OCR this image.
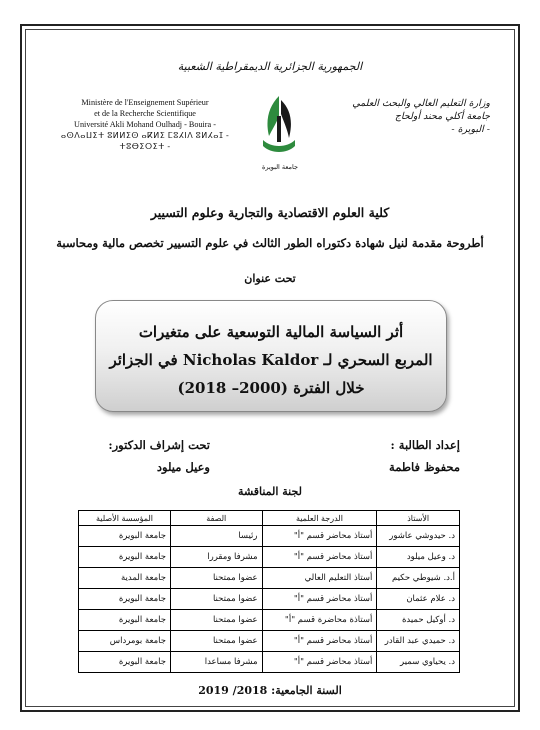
الجمهورية الجزائرية الديمقراطية الشعبية
Ministère de l'Enseignement Supérieur
et de la Recherche Scientifique
Université Akli Mohand Oulhadj - Bouira -
ⴰⵙⴷⴰⵡⵉⵜ ⵓⵍⵍⵉⵙ ⴰⴽⵍⵉ ⵎⵓⵃⵏⴷ ⵓⵍⵃⴰⵊ - ⵜⵓⴱⵉⵔⵉⵜ -
جامعة البويرة
وزارة التعليم العالي والبحث العلمي
جامعة أكلي محند أولحاج
- البويرة -
كلية العلوم الاقتصادية والتجارية وعلوم التسيير
أطروحة مقدمة لنيل شهادة دكتوراه الطور الثالث في علوم التسيير تخصص مالية ومحاسبة
تحت عنوان
أثر السياسة المالية التوسعية على متغيرات
المربع السحري لـ Nicholas Kaldor في الجزائر
خلال الفترة (2000– 2018)
إعداد الطالبة :
محفوظ فاطمة
تحت إشراف الدكتور:
وعيل ميلود
لجنة المناقشة
الأستاذ	الدرجة العلمية	الصفة	المؤسسة الأصلية
د. حيدوشي عاشور	أستاذ محاضر قسم "أ"	رئيسا	جامعة البويرة
د. وعيل ميلود	أستاذ محاضر قسم "أ"	مشرفا ومقررا	جامعة البويرة
أ.د. شيوطي حكيم	أستاذ التعليم العالي	عضوا ممتحنا	جامعة المدية
د. علام عثمان	أستاذ محاضر قسم "أ"	عضوا ممتحنا	جامعة البويرة
د. أوكيل حميدة	أستاذة محاضرة قسم "أ"	عضوا ممتحنا	جامعة البويرة
د. حميدي عبد القادر	أستاذ محاضر قسم "أ"	عضوا ممتحنا	جامعة بومرداس
د. يحياوي سمير	أستاذ محاضر قسم "أ"	مشرفا مساعدا	جامعة البويرة
السنة الجامعية: 2018/ 2019
